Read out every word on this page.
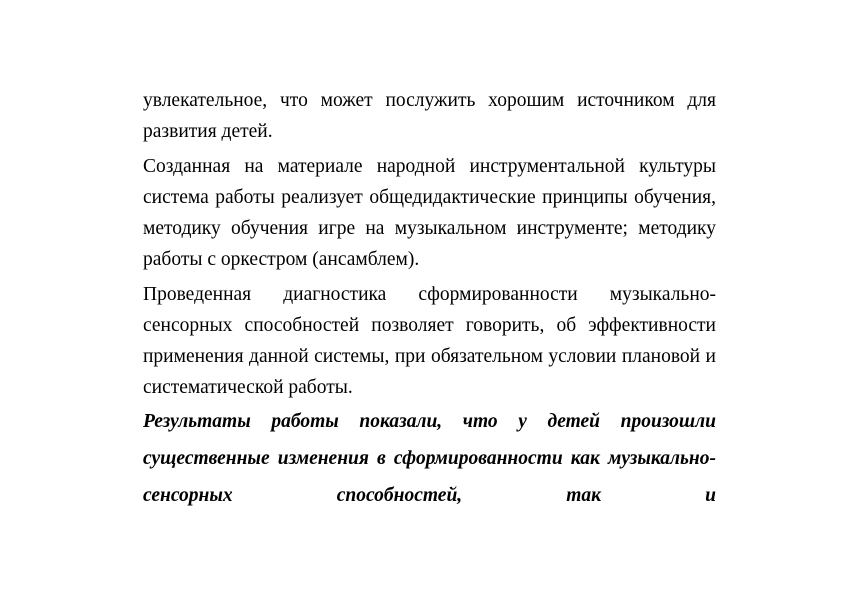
увлекательное, что может послужить хорошим источником для развития детей.

Созданная на материале народной инструментальной культуры система работы реализует общедидактические принципы обучения, методику обучения игре на музыкальном инструменте; методику работы с оркестром (ансамблем).

Проведенная диагностика сформированности музыкально-сенсорных способностей позволяет говорить, об эффективности применения данной системы, при обязательном условии плановой и систематической работы.

Результаты работы показали, что у детей произошли существенные изменения в сформированности как музыкально-сенсорных способностей, так и
